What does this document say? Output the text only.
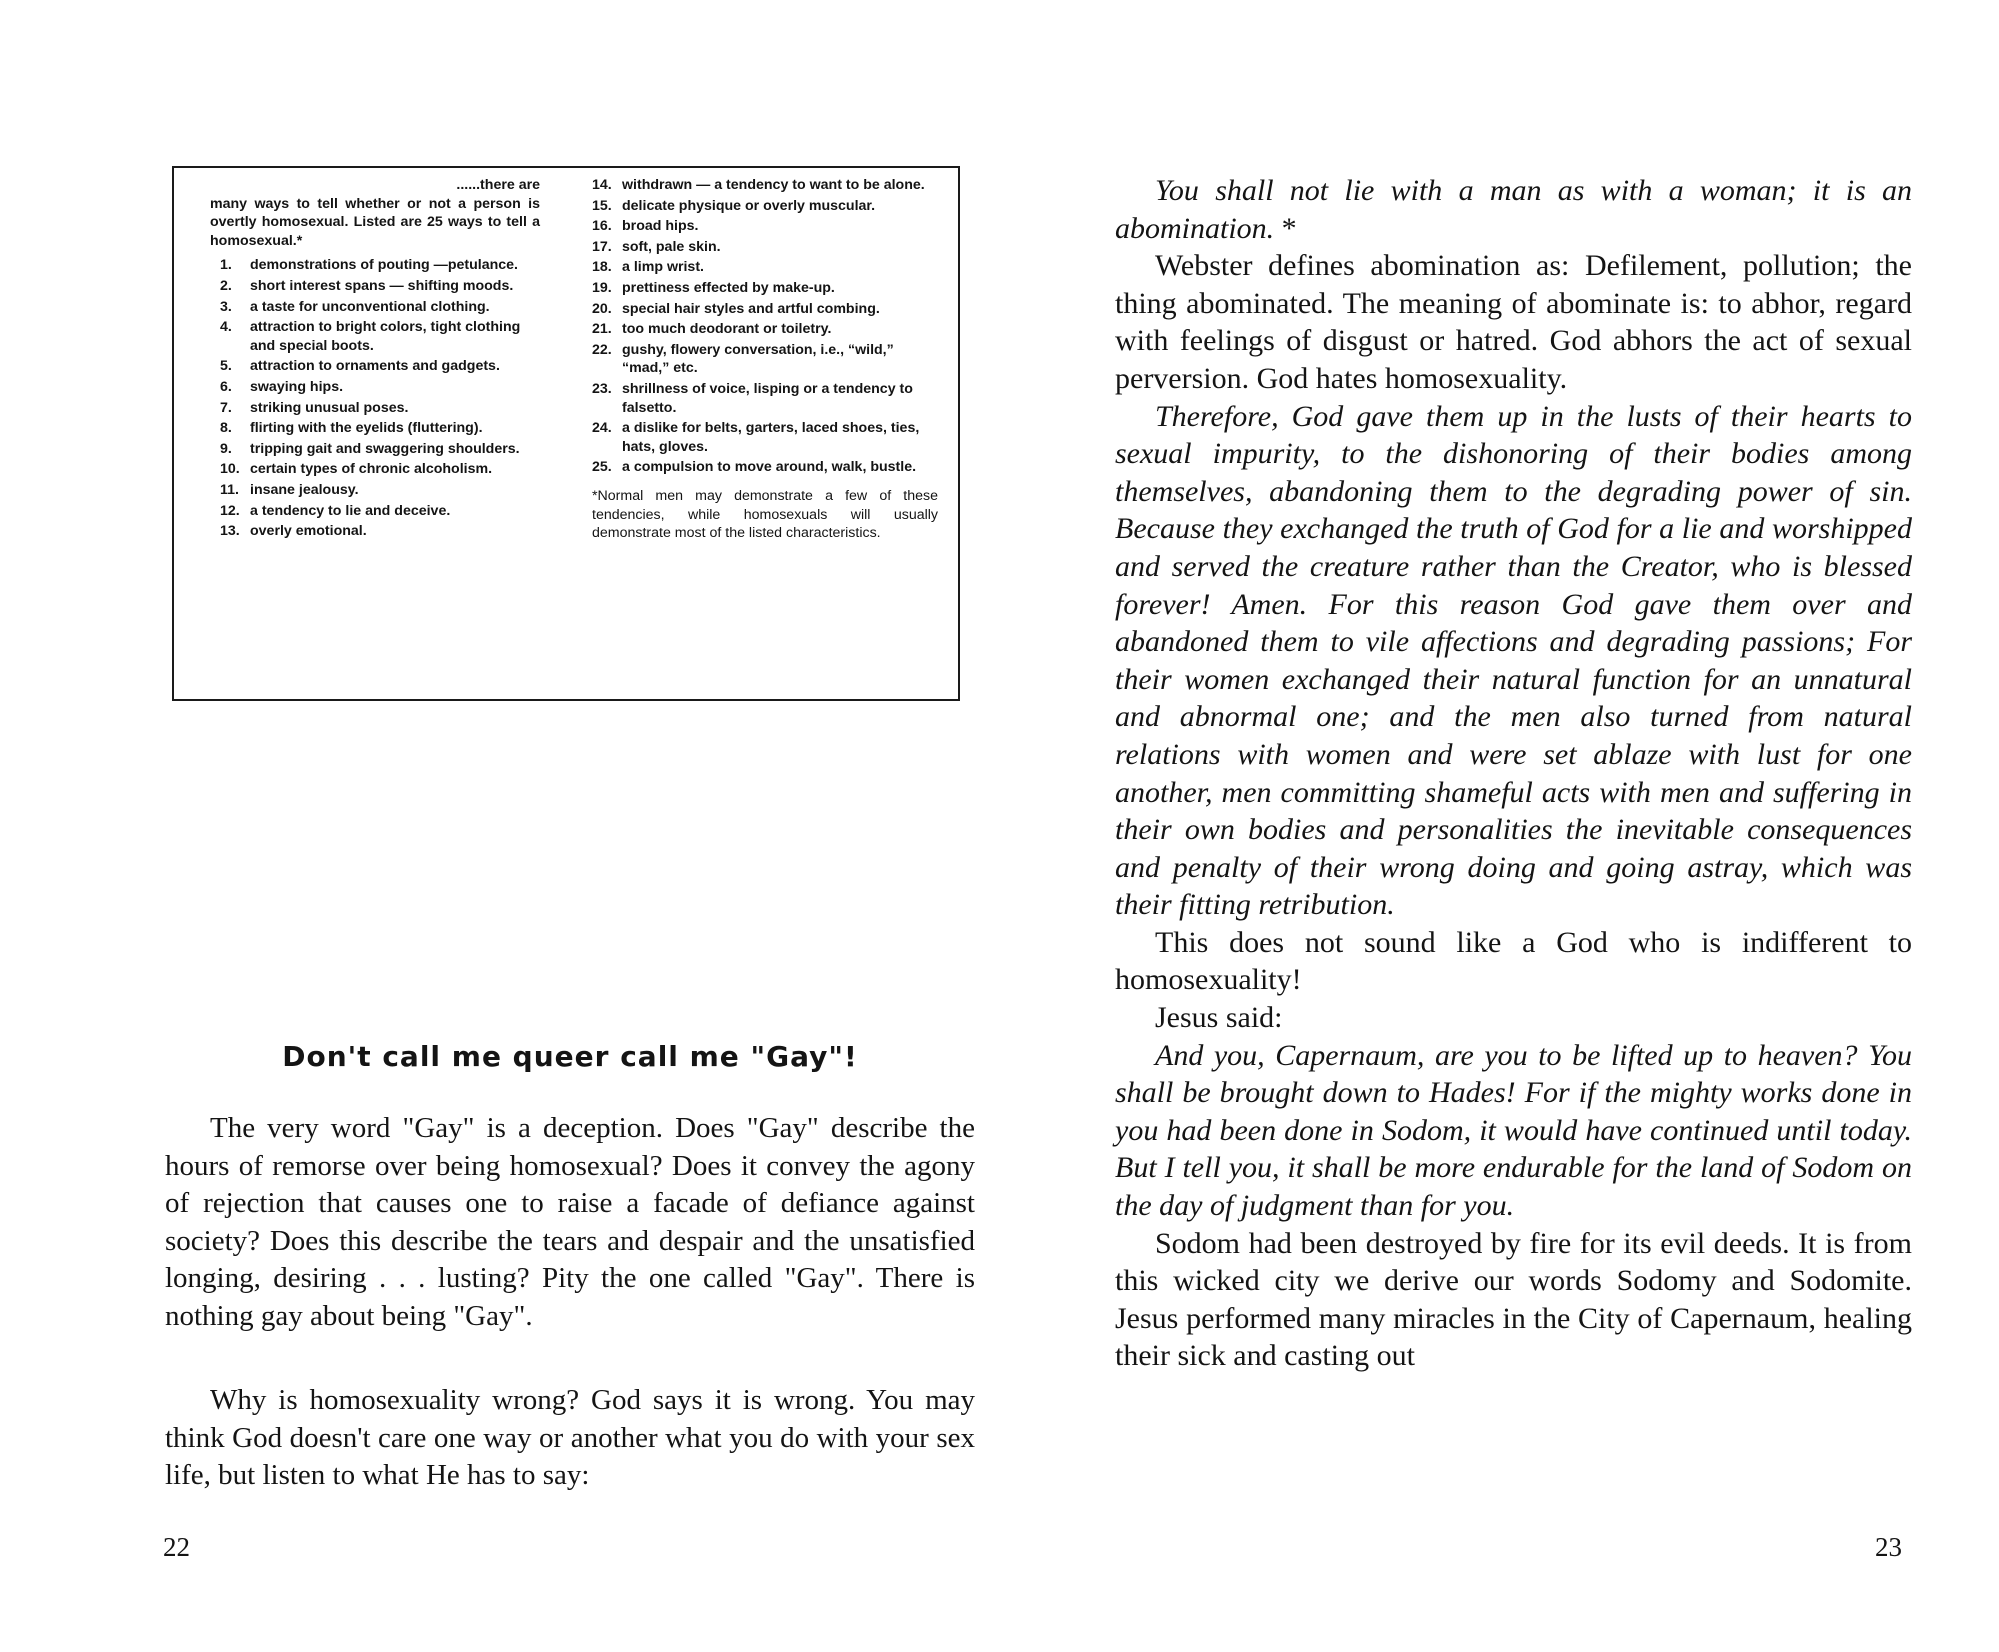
......there are
many ways to tell whether or not a person is overtly homosexual. Listed are 25 ways to tell a homosexual.*

1. demonstrations of pouting —petulance.
2. short interest spans — shifting moods.
3. a taste for unconventional clothing.
4. attraction to bright colors, tight clothing and special boots.
5. attraction to ornaments and gadgets.
6. swaying hips.
7. striking unusual poses.
8. flirting with the eyelids (fluttering).
9. tripping gait and swaggering shoulders.
10. certain types of chronic alcoholism.
11. insane jealousy.
12. a tendency to lie and deceive.
13. overly emotional.
14. withdrawn — a tendency to want to be alone.
15. delicate physique or overly muscular.
16. broad hips.
17. soft, pale skin.
18. a limp wrist.
19. prettiness effected by make-up.
20. special hair styles and artful combing.
21. too much deodorant or toiletry.
22. gushy, flowery conversation, i.e., “wild,” “mad,” etc.
23. shrillness of voice, lisping or a tendency to falsetto.
24. a dislike for belts, garters, laced shoes, ties, hats, gloves.
25. a compulsion to move around, walk, bustle.

*Normal men may demonstrate a few of these tendencies, while homosexuals will usually demonstrate most of the listed characteristics.

Don't call me queer call me "Gay"!

The very word "Gay" is a deception. Does "Gay" describe the hours of remorse over being homosexual? Does it convey the agony of rejection that causes one to raise a facade of defiance against society? Does this describe the tears and despair and the unsatisfied longing, desiring . . . lusting? Pity the one called "Gay". There is nothing gay about being "Gay".

Why is homosexuality wrong? God says it is wrong. You may think God doesn't care one way or another what you do with your sex life, but listen to what He has to say:

22

You shall not lie with a man as with a woman; it is an abomination. *

Webster defines abomination as: Defilement, pollution; the thing abominated. The meaning of abominate is: to abhor, regard with feelings of disgust or hatred. God abhors the act of sexual perversion. God hates homosexuality.

Therefore, God gave them up in the lusts of their hearts to sexual impurity, to the dishonoring of their bodies among themselves, abandoning them to the degrading power of sin. Because they exchanged the truth of God for a lie and worshipped and served the creature rather than the Creator, who is blessed forever! Amen. For this reason God gave them over and abandoned them to vile affections and degrading passions; For their women exchanged their natural function for an unnatural and abnormal one; and the men also turned from natural relations with women and were set ablaze with lust for one another, men committing shameful acts with men and suffering in their own bodies and personalities the inevitable consequences and penalty of their wrong doing and going astray, which was their fitting retribution.

This does not sound like a God who is indifferent to homosexuality!

Jesus said:

And you, Capernaum, are you to be lifted up to heaven? You shall be brought down to Hades! For if the mighty works done in you had been done in Sodom, it would have continued until today. But I tell you, it shall be more endurable for the land of Sodom on the day of judgment than for you.

Sodom had been destroyed by fire for its evil deeds. It is from this wicked city we derive our words Sodomy and Sodomite. Jesus performed many miracles in the City of Capernaum, healing their sick and casting out

23
